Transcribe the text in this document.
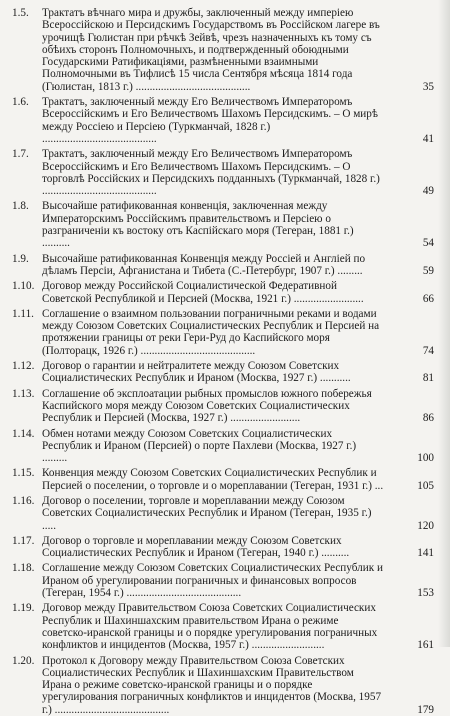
1.5.	Трактатъ вѣчнаго мира и дружбы, заключенный между имперiею Всероссiйскою и Персидскимъ Государствомъ въ Россiйском лагере въ урочищѣ Гюлистан при рѣчкѣ Зейвѣ, чрезъ назначенныхъ къ тому съ обѣихъ сторонъ Полномочныхъ, и подтвержденный обоюдными Государскими Ратификацiями, размѣненными взаимными Полномочными въ Тифлисѣ 15 числа Сентября мѣсяца 1814 года (Гюлистан, 1813 г.) .........................................	35
1.6.	Трактатъ, заключенный между Его Величествомъ Императоромъ Всероссiйскимъ и Его Величествомъ Шахомъ Персидскимъ. – О мирѣ между Россiею и Персiею (Туркманчай, 1828 г.) .........................................	41
1.7.	Трактатъ, заключенный между Его Величествомъ Императоромъ Всероссiйскимъ и Его Величествомъ Шахомъ Персидскимъ. – О торговлѣ Россiйских и Персидскихъ подданныхъ (Туркманчай, 1828 г.) .........................................	49
1.8.	Высочайше ратификованная конвенцiя, заключенная между Императорскимъ Россiйскимъ правительствомъ и Персiею о разграниченiи къ востоку отъ Каспiйскаго моря (Тегеран, 1881 г.) ..........	54
1.9.	Высочайше ратификованная Конвенцiя между Россiей и Англiей по дѣламъ Персiи, Афганистана и Тибета (С.-Петербург, 1907 г.) .........	59
1.10. Договор между Российской Социалистической Федеративной Советской Республикой и Персией (Москва, 1921 г.) .........................	66
1.11. Соглашение о взаимном пользовании пограничными реками и водами между Союзом Советских Социалистических Республик и Персией на протяжении границы от реки Гери-Руд до Каспийского моря (Полторацк, 1926 г.) .........................................	74
1.12. Договор о гарантии и нейтралитете между Союзом Советских Социалистических Республик и Ираном (Москва, 1927 г.) ...........	81
1.13. Соглашение об эксплоатации рыбных промыслов южного побережья Каспийского моря между Союзом Советских Социалистических Республик и Персией (Москва, 1927 г.) .........................	86
1.14. Обмен нотами между Союзом Советских Социалистических Республик и Ираном (Персией) о порте Пахлеви (Москва, 1927 г.) .........	100
1.15. Конвенция между Союзом Советских Социалистических Республик и Персией о поселении, о торговле и о мореплавании (Тегеран, 1931 г.) ...	105
1.16. Договор о поселении, торговле и мореплавании между Союзом Советских Социалистических Республик и Ираном (Тегеран, 1935 г.) .....	120
1.17. Договор о торговле и мореплавании между Союзом Советских Социалистических Республик и Ираном (Тегеран, 1940 г.) ..........	141
1.18. Соглашение между Союзом Советских Социалистических Республик и Ираном об урегулировании пограничных и финансовых вопросов (Тегеран, 1954 г.) .........................................	153
1.19. Договор между Правительством Союза Советских Социалистических Республик и Шахиншахским правительством Ирана о режиме советско-иранской границы и о порядке урегулирования пограничных конфликтов и инцидентов (Москва, 1957 г.) ..........................	161
1.20. Протокол к Договору между Правительством Союза Советских Социалистических Республик и Шахиншахским Правительством Ирана о режиме советско-иранской границы и о порядке урегулирования пограничных конфликтов и инцидентов (Москва, 1957 г.) .........................................	179
